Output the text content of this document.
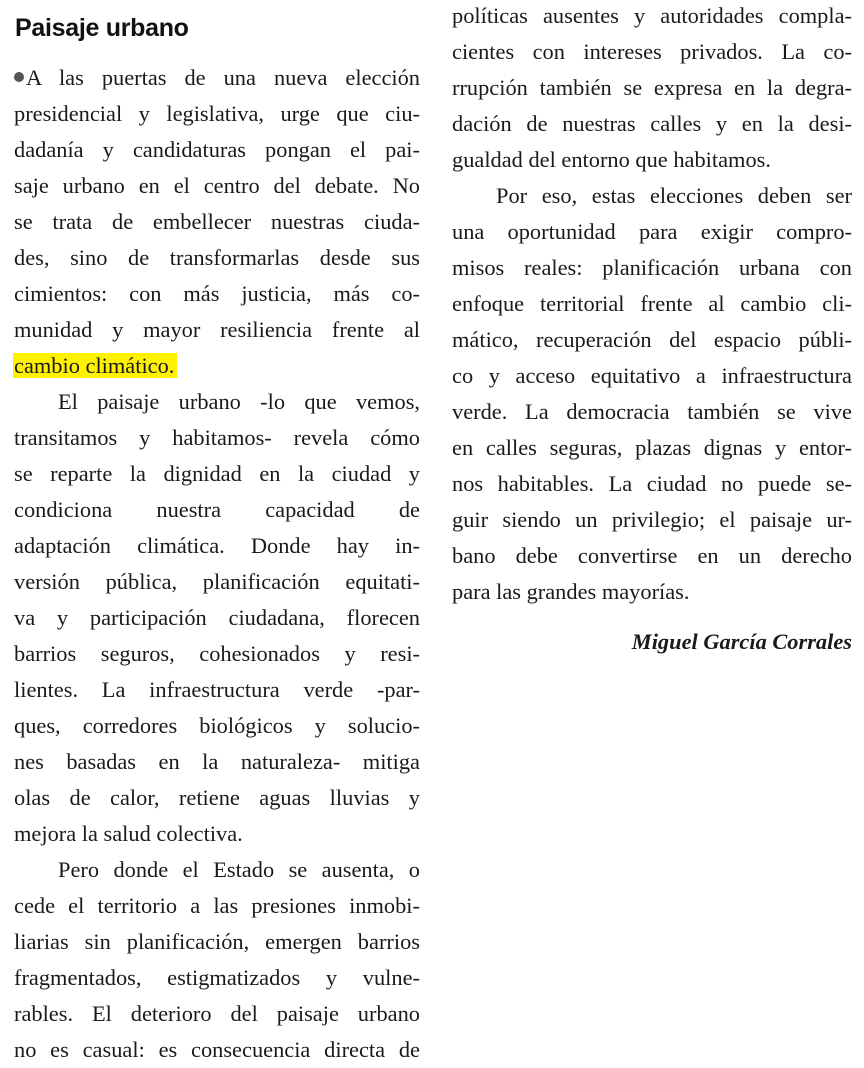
Paisaje urbano
A las puertas de una nueva elección
presidencial y legislativa, urge que ciu-
dadanía y candidaturas pongan el pai-
saje urbano en el centro del debate. No
se trata de embellecer nuestras ciuda-
des, sino de transformarlas desde sus
cimientos: con más justicia, más co-
munidad y mayor resiliencia frente al
cambio climático.
El paisaje urbano -lo que vemos,
transitamos y habitamos- revela cómo
se reparte la dignidad en la ciudad y
condiciona nuestra capacidad de
adaptación climática. Donde hay in-
versión pública, planificación equitati-
va y participación ciudadana, florecen
barrios seguros, cohesionados y resi-
lientes. La infraestructura verde -par-
ques, corredores biológicos y solucio-
nes basadas en la naturaleza- mitiga
olas de calor, retiene aguas lluvias y
mejora la salud colectiva.
Pero donde el Estado se ausenta, o
cede el territorio a las presiones inmobi-
liarias sin planificación, emergen barrios
fragmentados, estigmatizados y vulne-
rables. El deterioro del paisaje urbano
no es casual: es consecuencia directa de
políticas ausentes y autoridades compla-
cientes con intereses privados. La co-
rrupción también se expresa en la degra-
dación de nuestras calles y en la desi-
gualdad del entorno que habitamos.
Por eso, estas elecciones deben ser
una oportunidad para exigir compro-
misos reales: planificación urbana con
enfoque territorial frente al cambio cli-
mático, recuperación del espacio públi-
co y acceso equitativo a infraestructura
verde. La democracia también se vive
en calles seguras, plazas dignas y entor-
nos habitables. La ciudad no puede se-
guir siendo un privilegio; el paisaje ur-
bano debe convertirse en un derecho
para las grandes mayorías.
Miguel García Corrales
